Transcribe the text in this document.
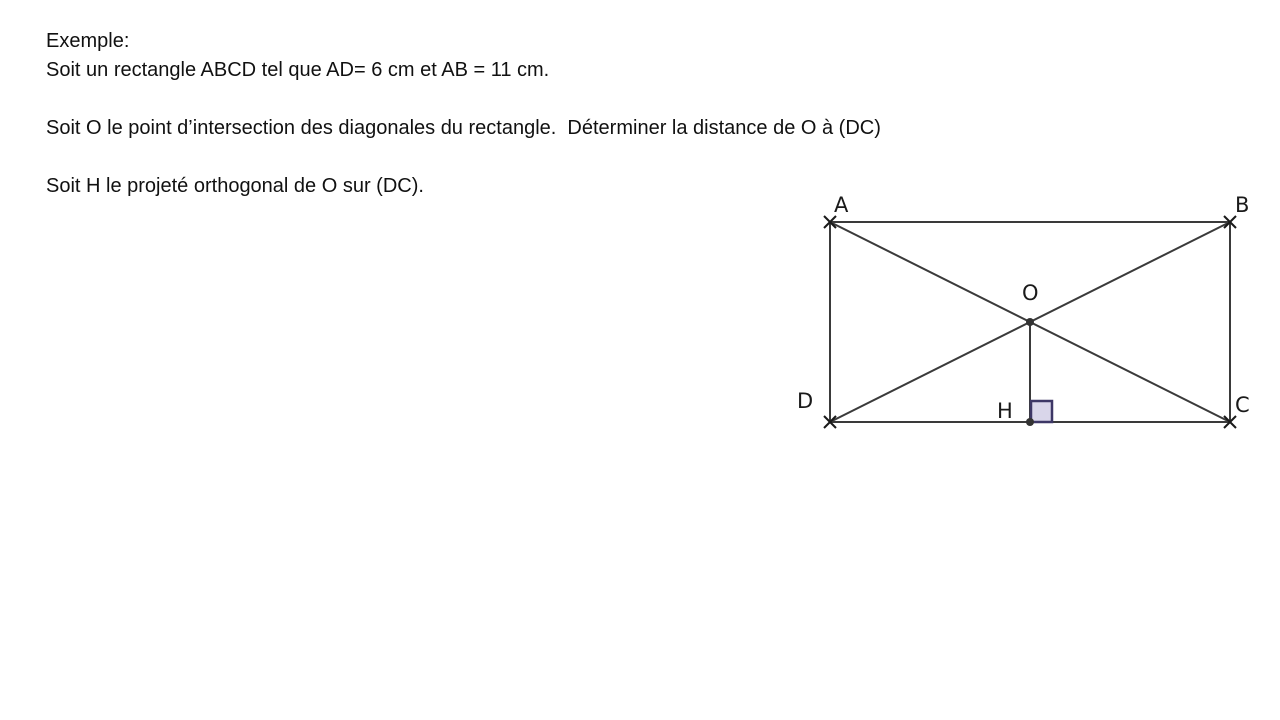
Exemple:

Soit un rectangle ABCD tel que AD= 6 cm et AB = 11 cm.

Soit O le point d’intersection des diagonales du rectangle.  Déterminer la distance de O à (DC)

Soit H le projeté orthogonal de O sur (DC).

A	B
C
D
O
H
